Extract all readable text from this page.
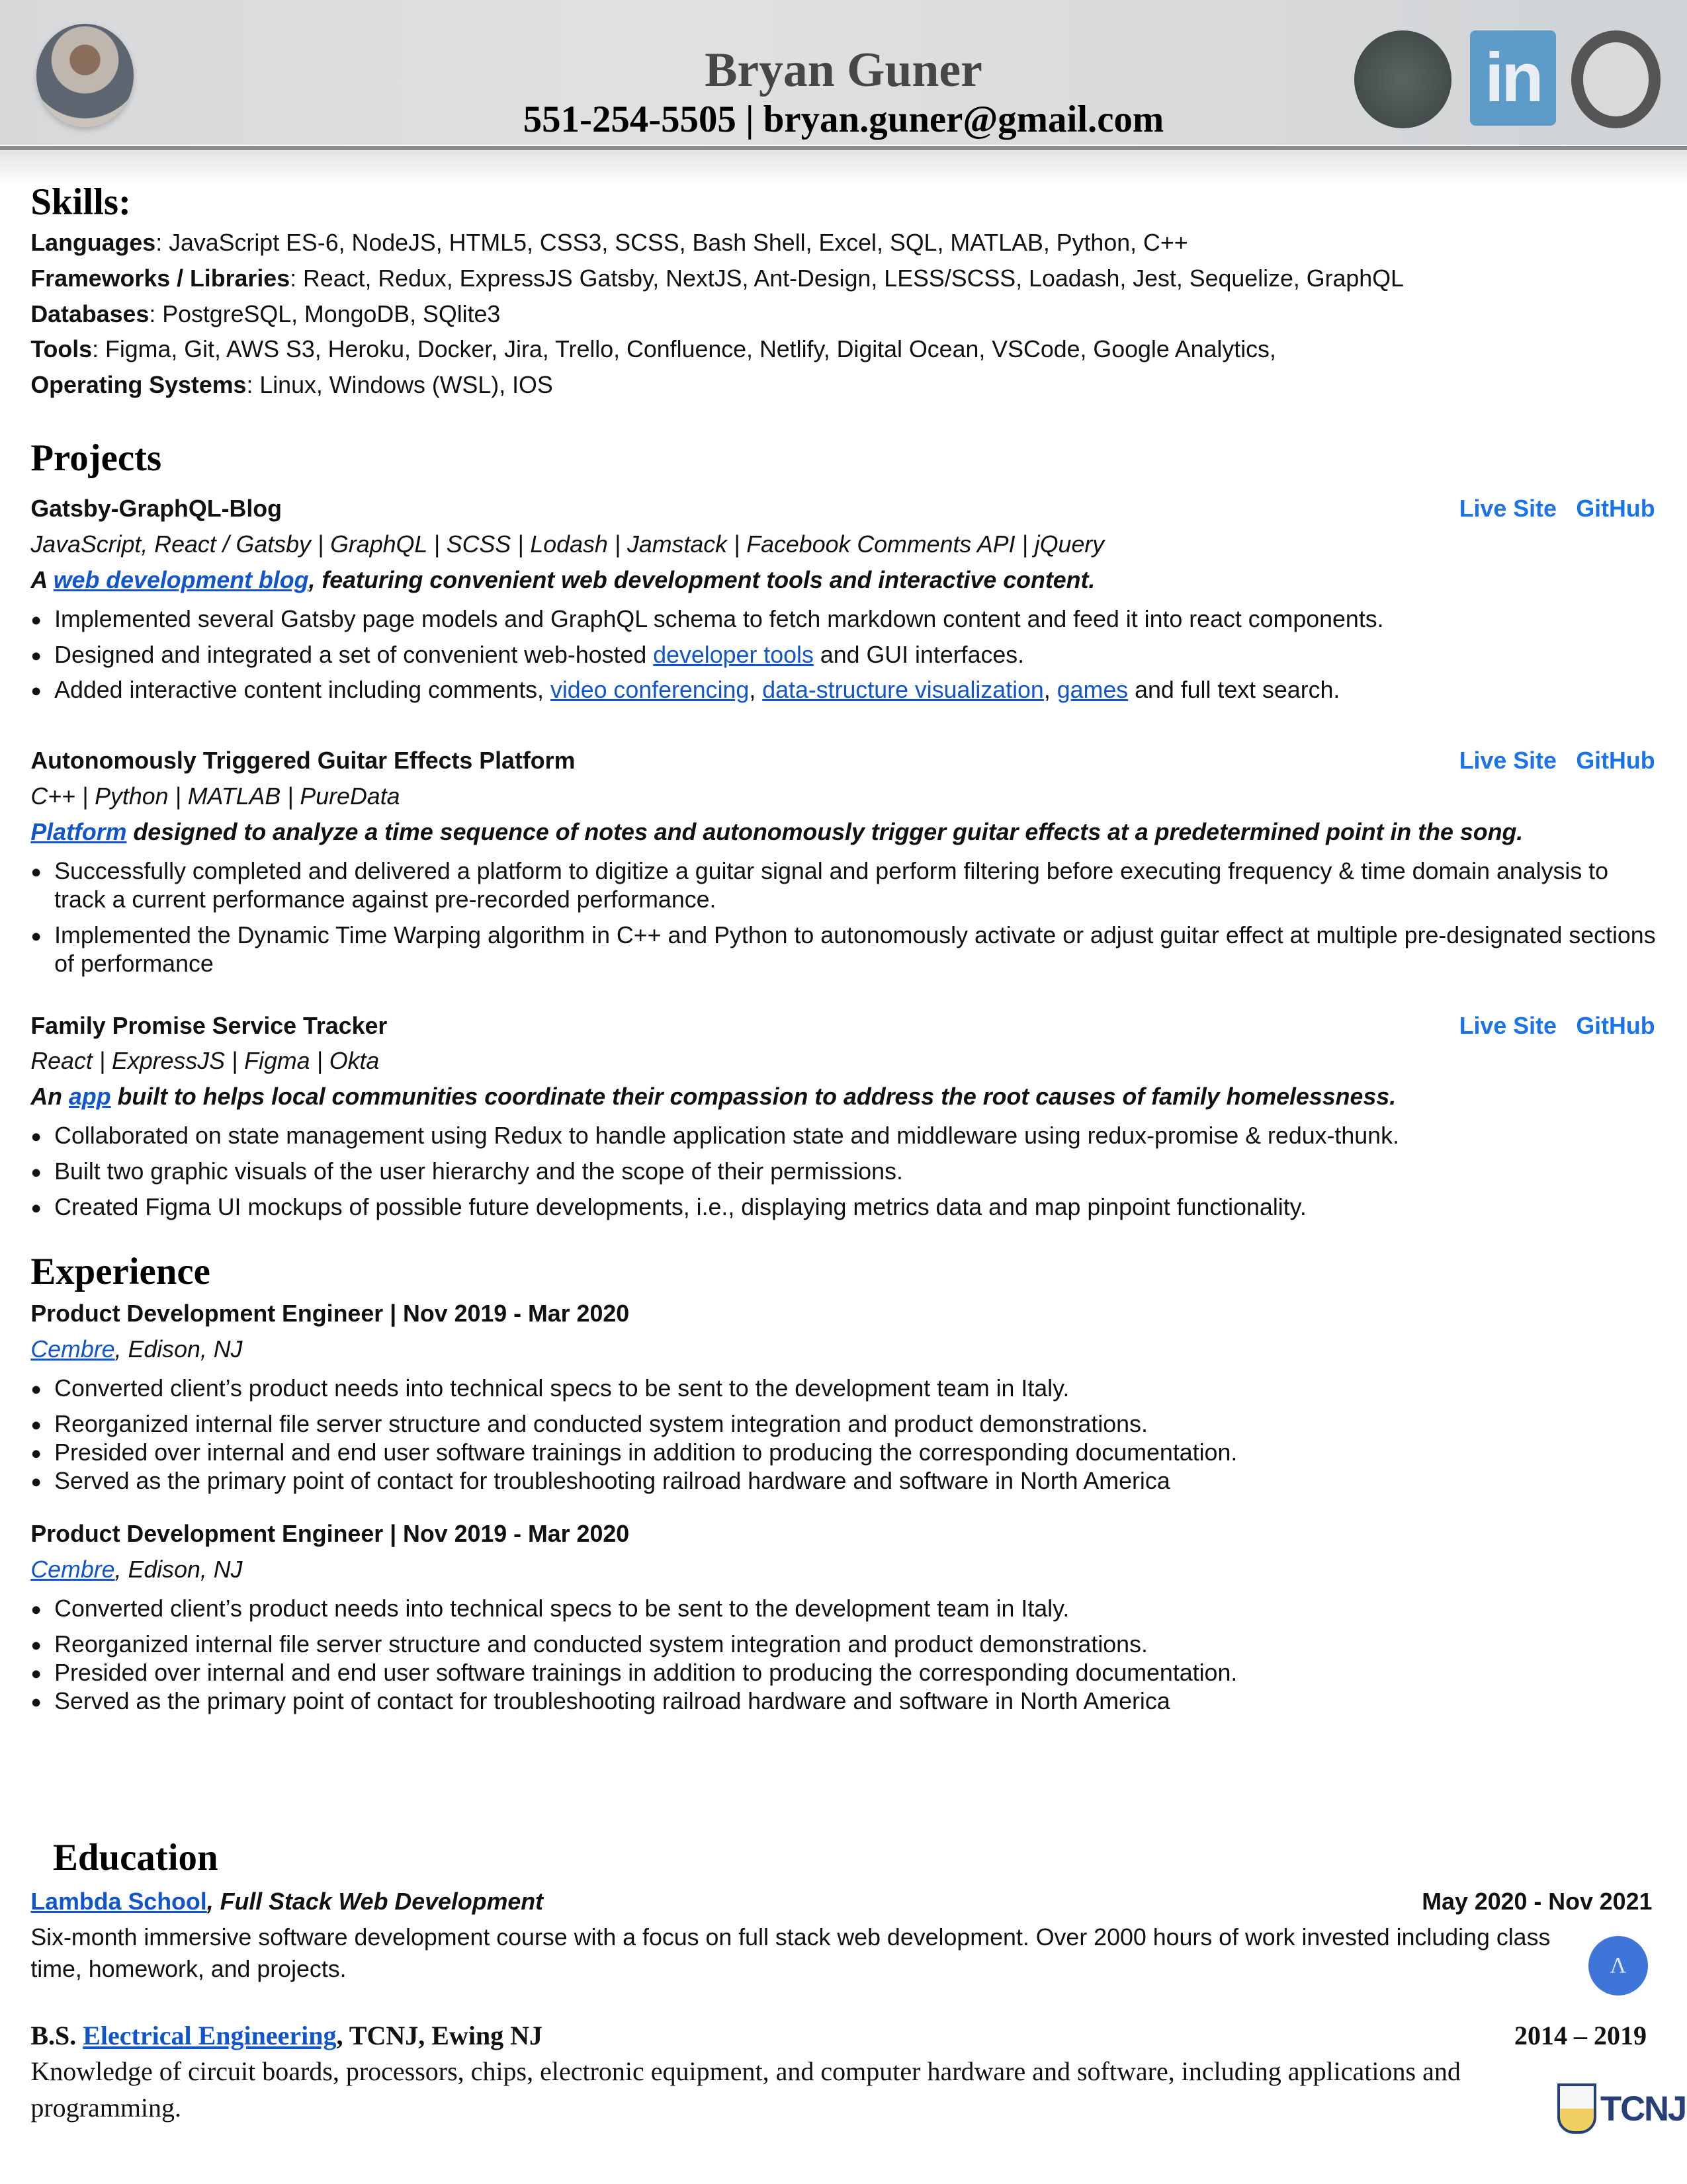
Bryan Guner
551-254-5505 | bryan.guner@gmail.com
in
Skills:
Languages: JavaScript ES-6, NodeJS, HTML5, CSS3, SCSS, Bash Shell, Excel, SQL, MATLAB, Python, C++
Frameworks / Libraries: React, Redux, ExpressJS Gatsby, NextJS, Ant-Design, LESS/SCSS, Loadash, Jest, Sequelize, GraphQL
Databases: PostgreSQL, MongoDB, SQlite3
Tools: Figma, Git, AWS S3, Heroku, Docker, Jira, Trello, Confluence, Netlify, Digital Ocean, VSCode, Google Analytics,
Operating Systems: Linux, Windows (WSL), IOS
Projects
Gatsby-GraphQL-Blog	Live Site GitHub
JavaScript, React / Gatsby | GraphQL | SCSS | Lodash | Jamstack | Facebook Comments API | jQuery
A web development blog, featuring convenient web development tools and interactive content.
● Implemented several Gatsby page models and GraphQL schema to fetch markdown content and feed it into react components.
● Designed and integrated a set of convenient web-hosted developer tools and GUI interfaces.
● Added interactive content including comments, video conferencing, data-structure visualization, games and full text search.
Autonomously Triggered Guitar Effects Platform	Live Site GitHub
C++ | Python | MATLAB | PureData
Platform designed to analyze a time sequence of notes and autonomously trigger guitar effects at a predetermined point in the song.
● Successfully completed and delivered a platform to digitize a guitar signal and perform filtering before executing frequency & time domain analysis to track a current performance against pre-recorded performance.
● Implemented the Dynamic Time Warping algorithm in C++ and Python to autonomously activate or adjust guitar effect at multiple pre-designated sections of performance
Family Promise Service Tracker	Live Site GitHub
React | ExpressJS | Figma | Okta
An app built to helps local communities coordinate their compassion to address the root causes of family homelessness.
● Collaborated on state management using Redux to handle application state and middleware using redux-promise & redux-thunk.
● Built two graphic visuals of the user hierarchy and the scope of their permissions.
● Created Figma UI mockups of possible future developments, i.e., displaying metrics data and map pinpoint functionality.
Experience
Product Development Engineer | Nov 2019 - Mar 2020
Cembre, Edison, NJ
● Converted client’s product needs into technical specs to be sent to the development team in Italy.
● Reorganized internal file server structure and conducted system integration and product demonstrations.
● Presided over internal and end user software trainings in addition to producing the corresponding documentation.
● Served as the primary point of contact for troubleshooting railroad hardware and software in North America
Product Development Engineer | Nov 2019 - Mar 2020
Cembre, Edison, NJ
● Converted client’s product needs into technical specs to be sent to the development team in Italy.
● Reorganized internal file server structure and conducted system integration and product demonstrations.
● Presided over internal and end user software trainings in addition to producing the corresponding documentation.
● Served as the primary point of contact for troubleshooting railroad hardware and software in North America
Education
Lambda School, Full Stack Web Development	May 2020 - Nov 2021
Six-month immersive software development course with a focus on full stack web development. Over 2000 hours of work invested including class time, homework, and projects.	Λ
B.S. Electrical Engineering, TCNJ, Ewing NJ	2014 – 2019
Knowledge of circuit boards, processors, chips, electronic equipment, and computer hardware and software, including applications and programming.	TCNJ
